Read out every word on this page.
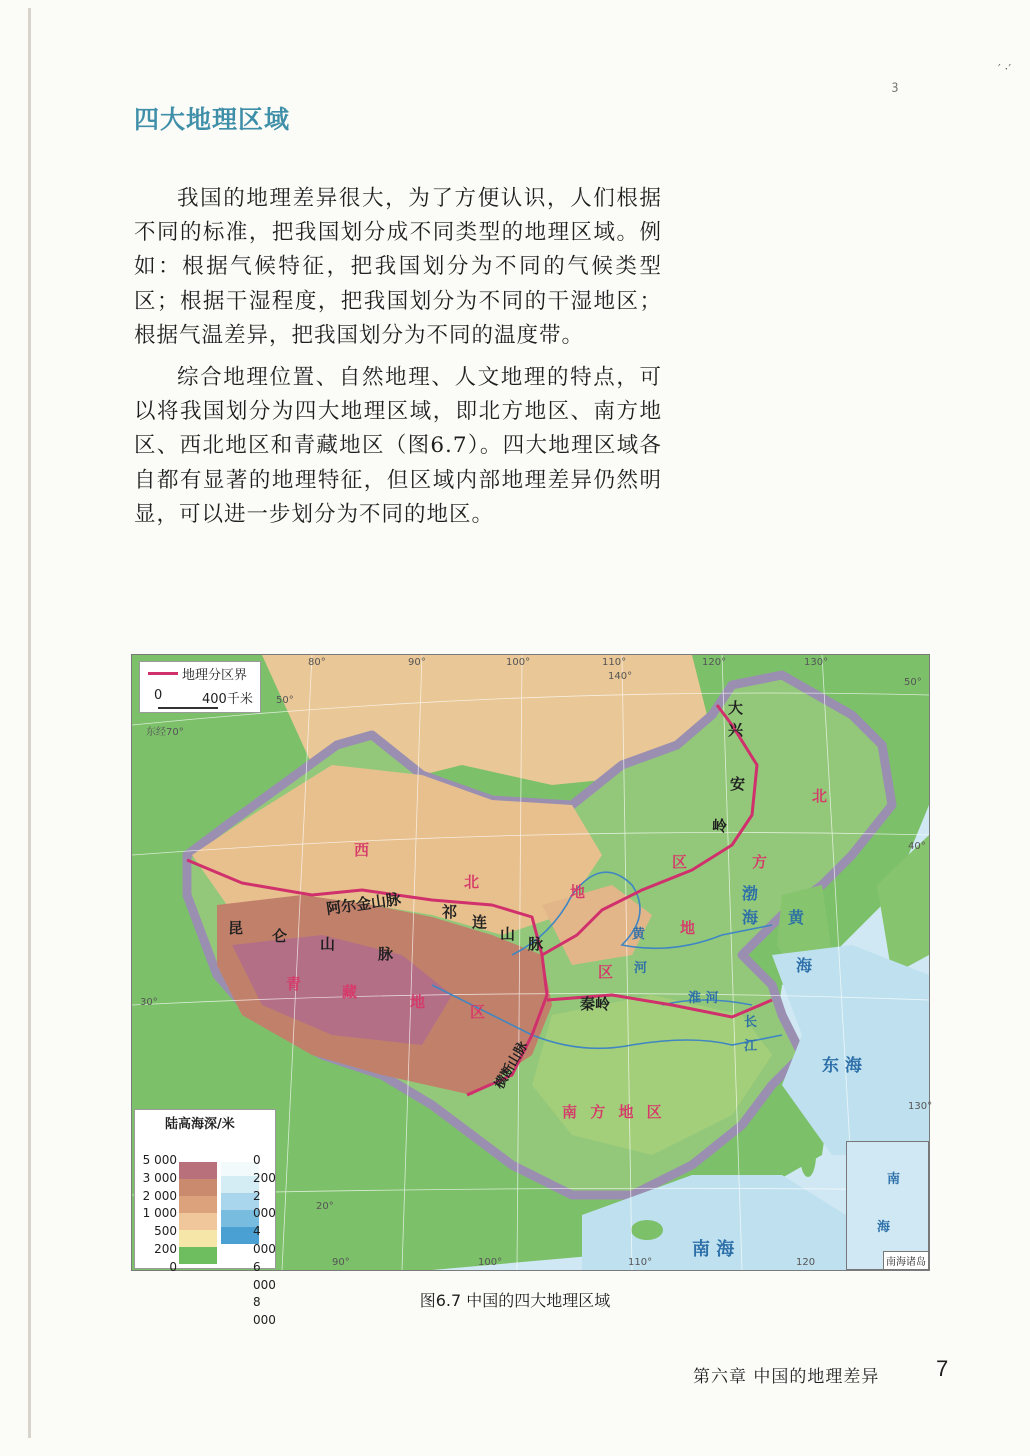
ꝫ
′ ·′
四大地理区域

我国的地理差异很大，为了方便认识，人们根据不同的标准，把我国划分成不同类型的地理区域。例如：根据气候特征，把我国划分为不同的气候类型区；根据干湿程度，把我国划分为不同的干湿地区；根据气温差异，把我国划分为不同的温度带。

综合地理位置、自然地理、人文地理的特点，可以将我国划分为四大地理区域，即北方地区、南方地区、西北地区和青藏地区（图6.7）。四大地理区域各自都有显著的地理特征，但区域内部地理差异仍然明显，可以进一步划分为不同的地区。

地理分区界
0	400千米
80°	90°	100°	110°	120°	130°
140°
50°
50°
40°
30°
20°
东经70°
130°
110°
90°	100°	120
西
北
地
区
北
方
地
区
青	藏
地
区
南 方 地 区
大
兴
安
岭
昆 仑 山
脉
阿尔金山脉	祁
连
山
脉
秦岭
横断山脉
黄
河
淮 河
长
江
渤
海 黄
海
东 海
南 海
陆高海深/米
5 000
3 000
2 000
1 000
500
200
0
0
200
2 000
4 000
6 000
8 000
南
海
南海诸岛
图6.7 中国的四大地理区域
第六章 中国的地理差异	7
